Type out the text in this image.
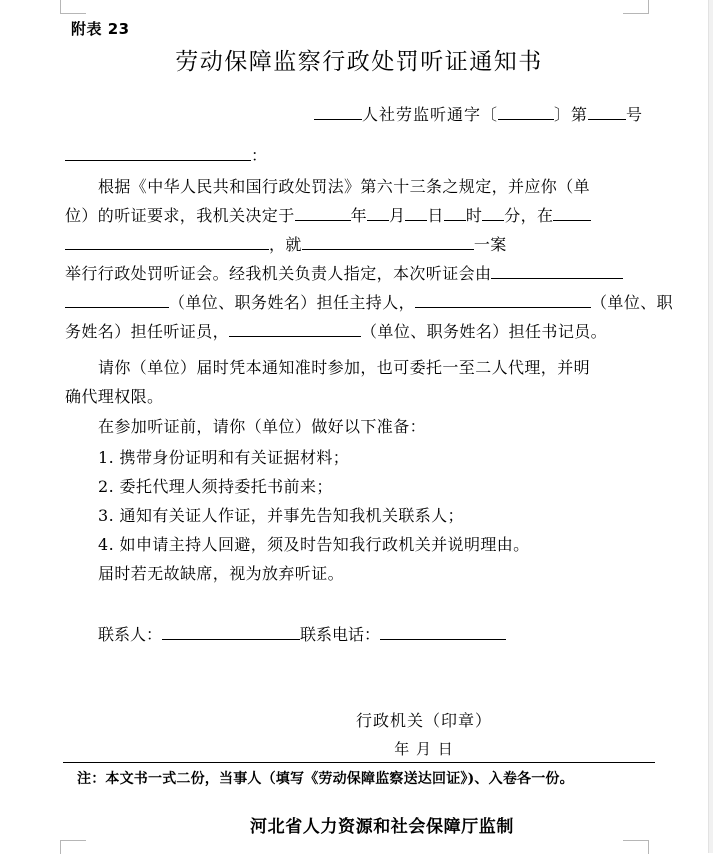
附表 23
劳动保障监察行政处罚听证通知书
人社劳监听通字〔	〕第 号
：
根据《中华人民共和国行政处罚法》第六十三条之规定，并应你（单
位）的听证要求，我机关决定于	年 月 日 时 分，在
，就	一案
举行行政处罚听证会。经我机关负责人指定，本次听证会由
（单位、职务姓名）担任主持人，	（单位、职
务姓名）担任听证员，	（单位、职务姓名）担任书记员。
请你（单位）届时凭本通知准时参加，也可委托一至二人代理，并明
确代理权限。
在参加听证前，请你（单位）做好以下准备：
1. 携带身份证明和有关证据材料；
2. 委托代理人须持委托书前来；
3. 通知有关证人作证，并事先告知我机关联系人；
4. 如申请主持人回避，须及时告知我行政机关并说明理由。
届时若无故缺席，视为放弃听证。
联系人：	联系电话：
行政机关（印章）
年 月 日
注：本文书一式二份，当事人（填写《劳动保障监察送达回证》)、入卷各一份。
河北省人力资源和社会保障厅监制
